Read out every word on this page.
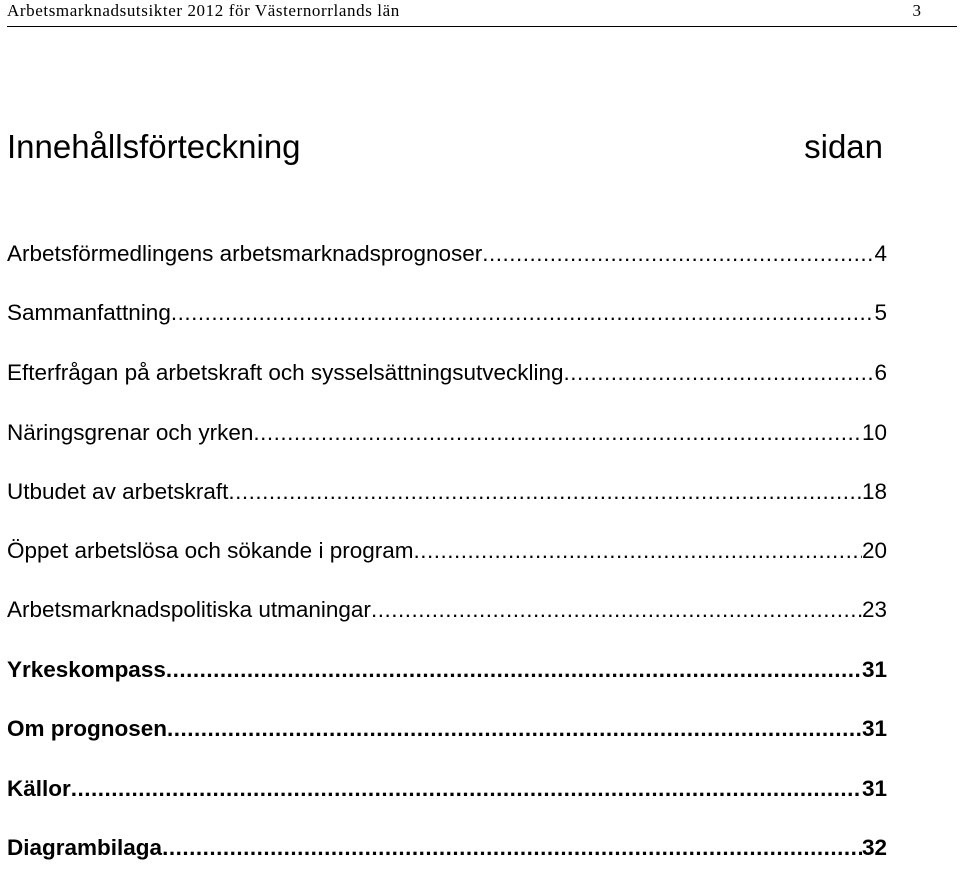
Arbetsmarknadsutsikter 2012 för Västernorrlands län	3
Innehållsförteckning	sidan
Arbetsförmedlingens arbetsmarknadsprognoser .....	4
Sammanfattning .....	5
Efterfrågan på arbetskraft och sysselsättningsutveckling .....	6
Näringsgrenar och yrken .....	10
Utbudet av arbetskraft .....	18
Öppet arbetslösa och sökande i program .....	20
Arbetsmarknadspolitiska utmaningar .....	23
Yrkeskompass .....	31
Om prognosen .....	31
Källor .....	31
Diagrambilaga .....	32
